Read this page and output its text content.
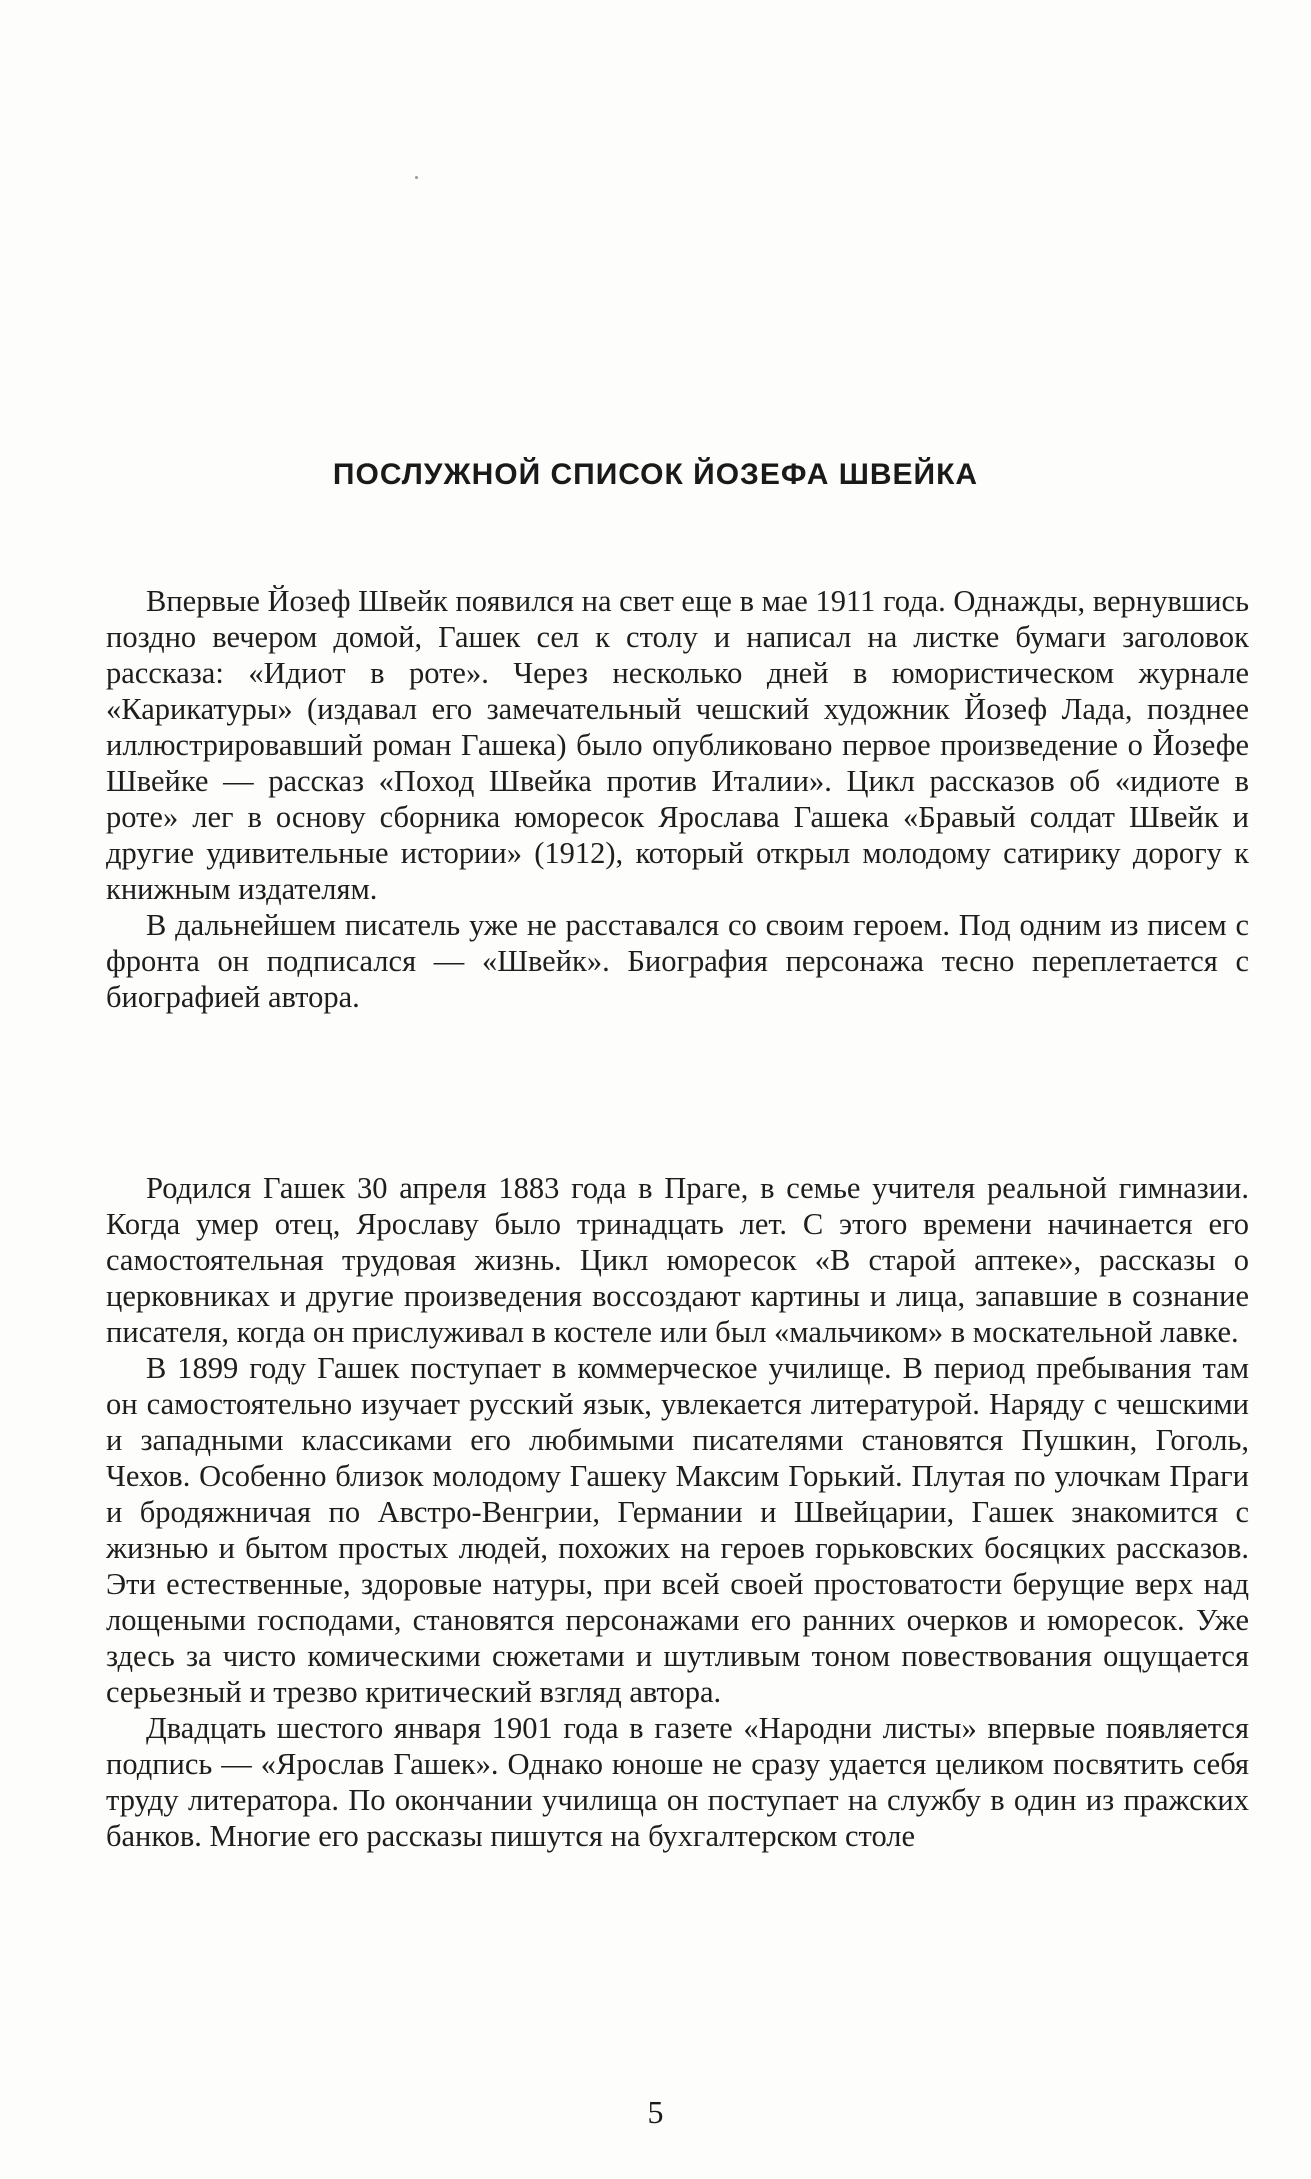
ПОСЛУЖНОЙ СПИСОК ЙОЗЕФА ШВЕЙКА

Впервые Йозеф Швейк появился на свет еще в мае 1911 года. Однажды, вернувшись поздно вечером домой, Гашек сел к столу и написал на листке бумаги заголовок рассказа: «Идиот в роте». Через несколько дней в юмористическом журнале «Карикатуры» (издавал его замечательный чешский художник Йозеф Лада, позднее иллюстрировавший роман Гашека) было опубликовано первое произведение о Йозефе Швейке — рассказ «Поход Швейка против Италии». Цикл рассказов об «идиоте в роте» лег в основу сборника юморесок Ярослава Гашека «Бравый солдат Швейк и другие удивительные истории» (1912), который открыл молодому сатирику дорогу к книжным издателям.

В дальнейшем писатель уже не расставался со своим героем. Под одним из писем с фронта он подписался — «Швейк». Биография персонажа тесно переплетается с биографией автора.

Родился Гашек 30 апреля 1883 года в Праге, в семье учителя реальной гимназии. Когда умер отец, Ярославу было тринадцать лет. С этого времени начинается его самостоятельная трудовая жизнь. Цикл юморесок «В старой аптеке», рассказы о церковниках и другие произведения воссоздают картины и лица, запавшие в сознание писателя, когда он прислуживал в костеле или был «мальчиком» в москательной лавке.

В 1899 году Гашек поступает в коммерческое училище. В период пребывания там он самостоятельно изучает русский язык, увлекается литературой. Наряду с чешскими и западными классиками его любимыми писателями становятся Пушкин, Гоголь, Чехов. Особенно близок молодому Гашеку Максим Горький. Плутая по улочкам Праги и бродяжничая по Австро-Венгрии, Германии и Швейцарии, Гашек знакомится с жизнью и бытом простых людей, похожих на героев горьковских босяцких рассказов. Эти естественные, здоровые натуры, при всей своей простоватости берущие верх над лощеными господами, становятся персонажами его ранних очерков и юморесок. Уже здесь за чисто комическими сюжетами и шутливым тоном повествования ощущается серьезный и трезво критический взгляд автора.

Двадцать шестого января 1901 года в газете «Народни листы» впервые появляется подпись — «Ярослав Гашек». Однако юноше не сразу удается целиком посвятить себя труду литератора. По окончании училища он поступает на службу в один из пражских банков. Многие его рассказы пишутся на бухгалтерском столе

5
